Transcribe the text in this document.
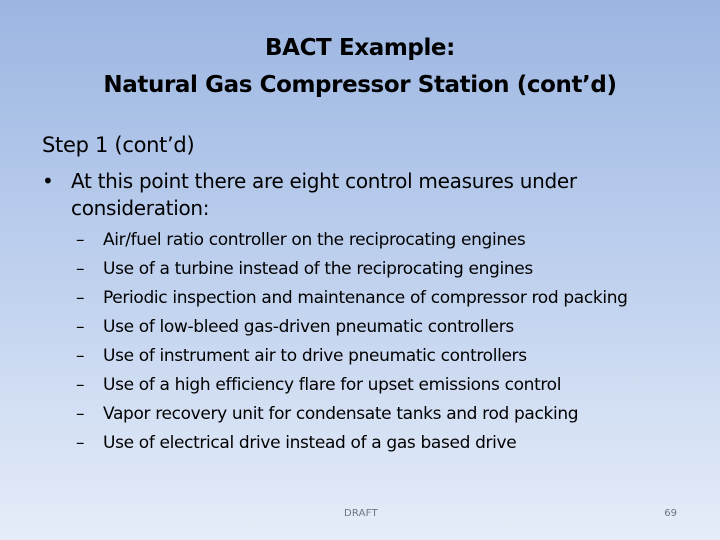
BACT Example:
Natural Gas Compressor Station (cont’d)
Step 1 (cont’d)
• At this point there are eight control measures under
consideration:
– Air/fuel ratio controller on the reciprocating engines
– Use of a turbine instead of the reciprocating engines
– Periodic inspection and maintenance of compressor rod packing
– Use of low-bleed gas-driven pneumatic controllers
– Use of instrument air to drive pneumatic controllers
– Use of a high efficiency flare for upset emissions control
– Vapor recovery unit for condensate tanks and rod packing
– Use of electrical drive instead of a gas based drive
DRAFT	69
